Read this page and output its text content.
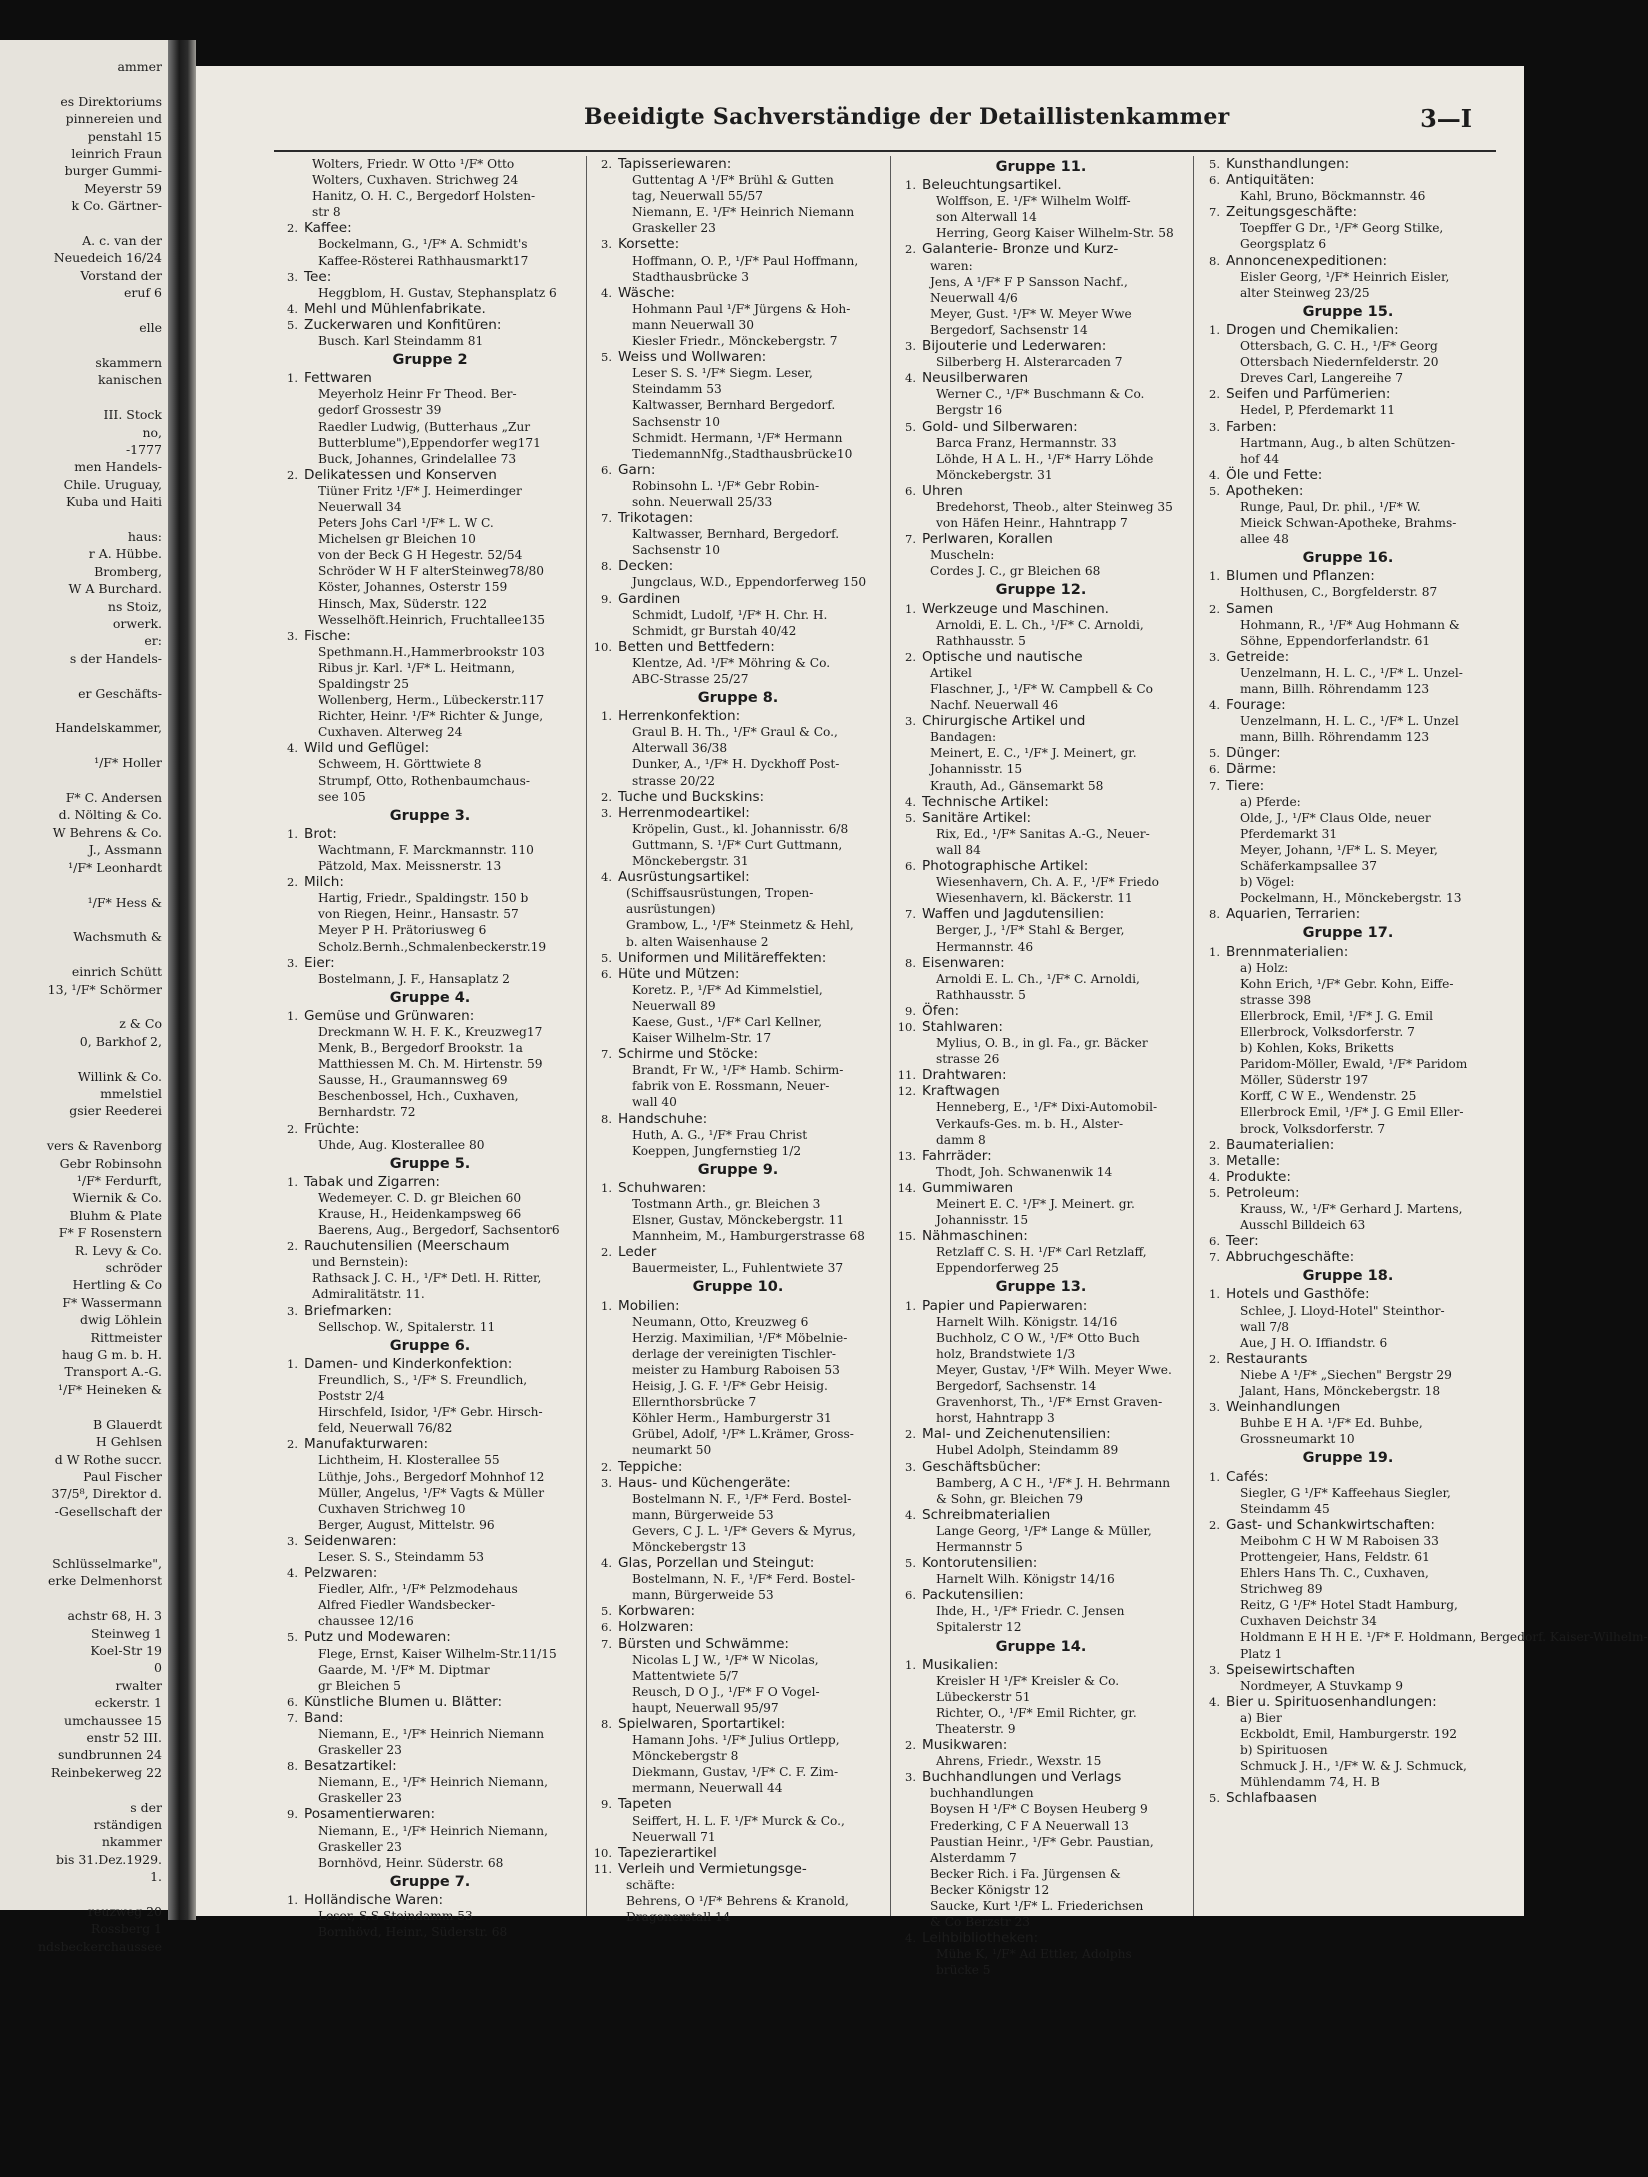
ammer

es Direktoriums
pinnereien und
penstahl 15
leinrich Fraun
burger Gummi-
Meyerstr 59
k Co. Gärtner-

A. c. van der
Neuedeich 16/24
Vorstand der
eruf 6

elle

skammern
kanischen

III. Stock
no,
-1777
men Handels-
Chile. Uruguay,
Kuba und Haiti

haus:
r A. Hübbe.
Bromberg,
W A Burchard.
ns Stoiz,
orwerk.
er:
s der Handels-

er Geschäfts-

Handelskammer,

¹/F* Holler

F* C. Andersen
d. Nölting & Co.
W Behrens & Co.
J., Assmann
¹/F* Leonhardt

¹/F* Hess &

Wachsmuth &

einrich Schütt
13, ¹/F* Schörmer

z & Co
0, Barkhof 2,

Willink & Co.
mmelstiel
gsier Reederei

vers & Ravenborg
Gebr Robinsohn
¹/F* Ferdurft,
Wiernik & Co.
Bluhm & Plate
F* F Rosenstern
R. Levy & Co.
schröder
Hertling & Co
F* Wassermann
dwig Löhlein
Rittmeister
haug G m. b. H.
Transport A.-G.
¹/F* Heineken &

B Glauerdt
H Gehlsen
d W Rothe succr.
Paul Fischer
37/5⁸, Direktor d.
-Gesellschaft der

Schlüsselmarke",
erke Delmenhorst

achstr 68, H. 3
Steinweg 1
Koel-Str 19
0
rwalter
eckerstr. 1
umchaussee 15
enstr 52 III.
sundbrunnen 24
Reinbekerweg 22

s der
rständigen
nkammer
bis 31.Dez.1929.
1.

reuzweg 20
Rossberg 1
ndsbeckerchaussee
Beeidigte Sachverständige der Detaillistenkammer	3—I
Wolters, Friedr. W Otto ¹/F* Otto
Wolters, Cuxhaven. Strichweg 24
Hanitz, O. H. C., Bergedorf Holsten-
str 8
2. Kaffee:
Bockelmann, G., ¹/F* A. Schmidt's
Kaffee-Rösterei Rathhausmarkt17
3. Tee:
Heggblom, H. Gustav, Stephansplatz 6
4. Mehl und Mühlenfabrikate.
5. Zuckerwaren und Konfitüren:
Busch. Karl Steindamm 81
Gruppe 2
1. Fettwaren
Meyerholz Heinr Fr Theod. Ber-
gedorf Grossestr 39
Raedler Ludwig, (Butterhaus „Zur
Butterblume"),Eppendorfer weg171
Buck, Johannes, Grindelallee 73
2. Delikatessen und Konserven
Tiüner Fritz ¹/F* J. Heimerdinger
Neuerwall 34
Peters Johs Carl ¹/F* L. W C.
Michelsen gr Bleichen 10
von der Beck G H Hegestr. 52/54
Schröder W H F alterSteinweg78/80
Köster, Johannes, Osterstr 159
Hinsch, Max, Süderstr. 122
Wesselhöft.Heinrich, Fruchtallee135
3. Fische:
Spethmann.H.,Hammerbrookstr 103
Ribus jr. Karl. ¹/F* L. Heitmann,
Spaldingstr 25
Wollenberg, Herm., Lübeckerstr.117
Richter, Heinr. ¹/F* Richter & Junge,
Cuxhaven. Alterweg 24
4. Wild und Geflügel:
Schweem, H. Görttwiete 8
Strumpf, Otto, Rothenbaumchaus-
see 105
Gruppe 3.
1. Brot:
Wachtmann, F. Marckmannstr. 110
Pätzold, Max. Meissnerstr. 13
2. Milch:
Hartig, Friedr., Spaldingstr. 150 b
von Riegen, Heinr., Hansastr. 57
Meyer P H. Prätoriusweg 6
Scholz.Bernh.,Schmalenbeckerstr.19
3. Eier:
Bostelmann, J. F., Hansaplatz 2
Gruppe 4.
1. Gemüse und Grünwaren:
Dreckmann W. H. F. K., Kreuzweg17
Menk, B., Bergedorf Brookstr. 1a
Matthiessen M. Ch. M. Hirtenstr. 59
Sausse, H., Graumannsweg 69
Beschenbossel, Hch., Cuxhaven,
Bernhardstr. 72
2. Früchte:
Uhde, Aug. Klosterallee 80
Gruppe 5.
1. Tabak und Zigarren:
Wedemeyer. C. D. gr Bleichen 60
Krause, H., Heidenkampsweg 66
Baerens, Aug., Bergedorf, Sachsentor6
2. Rauchutensilien (Meerschaum
und Bernstein):
Rathsack J. C. H., ¹/F* Detl. H. Ritter,
Admiralitätstr. 11.
3. Briefmarken:
Sellschop. W., Spitalerstr. 11
Gruppe 6.
1. Damen- und Kinderkonfektion:
Freundlich, S., ¹/F* S. Freundlich,
Poststr 2/4
Hirschfeld, Isidor, ¹/F* Gebr. Hirsch-
feld, Neuerwall 76/82
2. Manufakturwaren:
Lichtheim, H. Klosterallee 55
Lüthje, Johs., Bergedorf Mohnhof 12
Müller, Angelus, ¹/F* Vagts & Müller
Cuxhaven Strichweg 10
Berger, August, Mittelstr. 96
3. Seidenwaren:
Leser. S. S., Steindamm 53
4. Pelzwaren:
Fiedler, Alfr., ¹/F* Pelzmodehaus
Alfred Fiedler Wandsbecker-
chaussee 12/16
5. Putz und Modewaren:
Flege, Ernst, Kaiser Wilhelm-Str.11/15
Gaarde, M. ¹/F* M. Diptmar
gr Bleichen 5
6. Künstliche Blumen u. Blätter:
7. Band:
Niemann, E., ¹/F* Heinrich Niemann
Graskeller 23
8. Besatzartikel:
Niemann, E., ¹/F* Heinrich Niemann,
Graskeller 23
9. Posamentierwaren:
Niemann, E., ¹/F* Heinrich Niemann,
Graskeller 23
Bornhövd, Heinr. Süderstr. 68
Gruppe 7.
1. Holländische Waren:
Leser, S.S Steindamm 53
Bornhövd, Heinr., Süderstr. 68
2. Tapisseriewaren:
Guttentag A ¹/F* Brühl & Gutten
tag, Neuerwall 55/57
Niemann, E. ¹/F* Heinrich Niemann
Graskeller 23
3. Korsette:
Hoffmann, O. P., ¹/F* Paul Hoffmann,
Stadthausbrücke 3
4. Wäsche:
Hohmann Paul ¹/F* Jürgens & Hoh-
mann Neuerwall 30
Kiesler Friedr., Mönckebergstr. 7
5. Weiss und Wollwaren:
Leser S. S. ¹/F* Siegm. Leser,
Steindamm 53
Kaltwasser, Bernhard Bergedorf.
Sachsenstr 10
Schmidt. Hermann, ¹/F* Hermann
TiedemannNfg.,Stadthausbrücke10
6. Garn:
Robinsohn L. ¹/F* Gebr Robin-
sohn. Neuerwall 25/33
7. Trikotagen:
Kaltwasser, Bernhard, Bergedorf.
Sachsenstr 10
8. Decken:
Jungclaus, W.D., Eppendorferweg 150
9. Gardinen
Schmidt, Ludolf, ¹/F* H. Chr. H.
Schmidt, gr Burstah 40/42
10. Betten und Bettfedern:
Klentze, Ad. ¹/F* Möhring & Co.
ABC-Strasse 25/27
Gruppe 8.
1. Herrenkonfektion:
Graul B. H. Th., ¹/F* Graul & Co.,
Alterwall 36/38
Dunker, A., ¹/F* H. Dyckhoff Post-
strasse 20/22
2. Tuche und Buckskins:
3. Herrenmodeartikel:
Kröpelin, Gust., kl. Johannisstr. 6/8
Guttmann, S. ¹/F* Curt Guttmann,
Mönckebergstr. 31
4. Ausrüstungsartikel:
(Schiffsausrüstungen, Tropen-
ausrüstungen)
Grambow, L., ¹/F* Steinmetz & Hehl,
b. alten Waisenhause 2
5. Uniformen und Militäreffekten:
6. Hüte und Mützen:
Koretz. P., ¹/F* Ad Kimmelstiel,
Neuerwall 89
Kaese, Gust., ¹/F* Carl Kellner,
Kaiser Wilhelm-Str. 17
7. Schirme und Stöcke:
Brandt, Fr W., ¹/F* Hamb. Schirm-
fabrik von E. Rossmann, Neuer-
wall 40
8. Handschuhe:
Huth, A. G., ¹/F* Frau Christ
Koeppen, Jungfernstieg 1/2
Gruppe 9.
1. Schuhwaren:
Tostmann Arth., gr. Bleichen 3
Elsner, Gustav, Mönckebergstr. 11
Mannheim, M., Hamburgerstrasse 68
2. Leder
Bauermeister, L., Fuhlentwiete 37
Gruppe 10.
1. Mobilien:
Neumann, Otto, Kreuzweg 6
Herzig. Maximilian, ¹/F* Möbelnie-
derlage der vereinigten Tischler-
meister zu Hamburg Raboisen 53
Heisig, J. G. F. ¹/F* Gebr Heisig.
Ellernthorsbrücke 7
Köhler Herm., Hamburgerstr 31
Grübel, Adolf, ¹/F* L.Krämer, Gross-
neumarkt 50
2. Teppiche:
3. Haus- und Küchengeräte:
Bostelmann N. F., ¹/F* Ferd. Bostel-
mann, Bürgerweide 53
Gevers, C J. L. ¹/F* Gevers & Myrus,
Mönckebergstr 13
4. Glas, Porzellan und Steingut:
Bostelmann, N. F., ¹/F* Ferd. Bostel-
mann, Bürgerweide 53
5. Korbwaren:
6. Holzwaren:
7. Bürsten und Schwämme:
Nicolas L J W., ¹/F* W Nicolas,
Mattentwiete 5/7
Reusch, D O J., ¹/F* F O Vogel-
haupt, Neuerwall 95/97
8. Spielwaren, Sportartikel:
Hamann Johs. ¹/F* Julius Ortlepp,
Mönckebergstr 8
Diekmann, Gustav, ¹/F* C. F. Zim-
mermann, Neuerwall 44
9. Tapeten
Seiffert, H. L. F. ¹/F* Murck & Co.,
Neuerwall 71
10. Tapezierartikel
11. Verleih und Vermietungsge-
schäfte:
Behrens, O ¹/F* Behrens & Kranold,
Dragonerstall 14
Gruppe 11.
1. Beleuchtungsartikel.
Wolffson, E. ¹/F* Wilhelm Wolff-
son Alterwall 14
Herring, Georg Kaiser Wilhelm-Str. 58
2. Galanterie- Bronze und Kurz-
waren:
Jens, A ¹/F* F P Sansson Nachf.,
Neuerwall 4/6
Meyer, Gust. ¹/F* W. Meyer Wwe
Bergedorf, Sachsenstr 14
3. Bijouterie und Lederwaren:
Silberberg H. Alsterarcaden 7
4. Neusilberwaren
Werner C., ¹/F* Buschmann & Co.
Bergstr 16
5. Gold- und Silberwaren:
Barca Franz, Hermannstr. 33
Löhde, H A L. H., ¹/F* Harry Löhde
Mönckebergstr. 31
6. Uhren
Bredehorst, Theob., alter Steinweg 35
von Häfen Heinr., Hahntrapp 7
7. Perlwaren, Korallen
Muscheln:
Cordes J. C., gr Bleichen 68
Gruppe 12.
1. Werkzeuge und Maschinen.
Arnoldi, E. L. Ch., ¹/F* C. Arnoldi,
Rathhausstr. 5
2. Optische und nautische
Artikel
Flaschner, J., ¹/F* W. Campbell & Co
Nachf. Neuerwall 46
3. Chirurgische Artikel und
Bandagen:
Meinert, E. C., ¹/F* J. Meinert, gr.
Johannisstr. 15
Krauth, Ad., Gänsemarkt 58
4. Technische Artikel:
5. Sanitäre Artikel:
Rix, Ed., ¹/F* Sanitas A.-G., Neuer-
wall 84
6. Photographische Artikel:
Wiesenhavern, Ch. A. F., ¹/F* Friedo
Wiesenhavern, kl. Bäckerstr. 11
7. Waffen und Jagdutensilien:
Berger, J., ¹/F* Stahl & Berger,
Hermannstr. 46
8. Eisenwaren:
Arnoldi E. L. Ch., ¹/F* C. Arnoldi,
Rathhausstr. 5
9. Öfen:
10. Stahlwaren:
Mylius, O. B., in gl. Fa., gr. Bäcker
strasse 26
11. Drahtwaren:
12. Kraftwagen
Henneberg, E., ¹/F* Dixi-Automobil-
Verkaufs-Ges. m. b. H., Alster-
damm 8
13. Fahrräder:
Thodt, Joh. Schwanenwik 14
14. Gummiwaren
Meinert E. C. ¹/F* J. Meinert. gr.
Johannisstr. 15
15. Nähmaschinen:
Retzlaff C. S. H. ¹/F* Carl Retzlaff,
Eppendorferweg 25
Gruppe 13.
1. Papier und Papierwaren:
Harnelt Wilh. Königstr. 14/16
Buchholz, C O W., ¹/F* Otto Buch
holz, Brandstwiete 1/3
Meyer, Gustav, ¹/F* Wilh. Meyer Wwe.
Bergedorf, Sachsenstr. 14
Gravenhorst, Th., ¹/F* Ernst Graven-
horst, Hahntrapp 3
2. Mal- und Zeichenutensilien:
Hubel Adolph, Steindamm 89
3. Geschäftsbücher:
Bamberg, A C H., ¹/F* J. H. Behrmann
& Sohn, gr. Bleichen 79
4. Schreibmaterialien
Lange Georg, ¹/F* Lange & Müller,
Hermannstr 5
5. Kontorutensilien:
Harnelt Wilh. Königstr 14/16
6. Packutensilien:
Ihde, H., ¹/F* Friedr. C. Jensen
Spitalerstr 12
Gruppe 14.
1. Musikalien:
Kreisler H ¹/F* Kreisler & Co.
Lübeckerstr 51
Richter, O., ¹/F* Emil Richter, gr.
Theaterstr. 9
2. Musikwaren:
Ahrens, Friedr., Wexstr. 15
3. Buchhandlungen und Verlags
buchhandlungen
Boysen H ¹/F* C Boysen Heuberg 9
Frederking, C F A Neuerwall 13
Paustian Heinr., ¹/F* Gebr. Paustian,
Alsterdamm 7
Becker Rich. i Fa. Jürgensen &
Becker Königstr 12
Saucke, Kurt ¹/F* L. Friederichsen
& Co Berzstr 23
4. Leihbibliotheken:
Mühe K, ¹/F* Ad Ettler, Adolphs
brücke 5
5. Kunsthandlungen:
6. Antiquitäten:
Kahl, Bruno, Böckmannstr. 46
7. Zeitungsgeschäfte:
Toepffer G Dr., ¹/F* Georg Stilke,
Georgsplatz 6
8. Annoncenexpeditionen:
Eisler Georg, ¹/F* Heinrich Eisler,
alter Steinweg 23/25
Gruppe 15.
1. Drogen und Chemikalien:
Ottersbach, G. C. H., ¹/F* Georg
Ottersbach Niedernfelderstr. 20
Dreves Carl, Langereihe 7
2. Seifen und Parfümerien:
Hedel, P, Pferdemarkt 11
3. Farben:
Hartmann, Aug., b alten Schützen-
hof 44
4. Öle und Fette:
5. Apotheken:
Runge, Paul, Dr. phil., ¹/F* W.
Mieick Schwan-Apotheke, Brahms-
allee 48
Gruppe 16.
1. Blumen und Pflanzen:
Holthusen, C., Borgfelderstr. 87
2. Samen
Hohmann, R., ¹/F* Aug Hohmann &
Söhne, Eppendorferlandstr. 61
3. Getreide:
Uenzelmann, H. L. C., ¹/F* L. Unzel-
mann, Billh. Röhrendamm 123
4. Fourage:
Uenzelmann, H. L. C., ¹/F* L. Unzel
mann, Billh. Röhrendamm 123
5. Dünger:
6. Därme:
7. Tiere:
a) Pferde:
Olde, J., ¹/F* Claus Olde, neuer
Pferdemarkt 31
Meyer, Johann, ¹/F* L. S. Meyer,
Schäferkampsallee 37
b) Vögel:
Pockelmann, H., Mönckebergstr. 13
8. Aquarien, Terrarien:
Gruppe 17.
1. Brennmaterialien:
a) Holz:
Kohn Erich, ¹/F* Gebr. Kohn, Eiffe-
strasse 398
Ellerbrock, Emil, ¹/F* J. G. Emil
Ellerbrock, Volksdorferstr. 7
b) Kohlen, Koks, Briketts
Paridom-Möller, Ewald, ¹/F* Paridom
Möller, Süderstr 197
Korff, C W E., Wendenstr. 25
Ellerbrock Emil, ¹/F* J. G Emil Eller-
brock, Volksdorferstr. 7
2. Baumaterialien:
3. Metalle:
4. Produkte:
5. Petroleum:
Krauss, W., ¹/F* Gerhard J. Martens,
Ausschl Billdeich 63
6. Teer:
7. Abbruchgeschäfte:
Gruppe 18.
1. Hotels und Gasthöfe:
Schlee, J. Lloyd-Hotel" Steinthor-
wall 7/8
Aue, J H. O. Iffiandstr. 6
2. Restaurants
Niebe A ¹/F* „Siechen" Bergstr 29
Jalant, Hans, Mönckebergstr. 18
3. Weinhandlungen
Buhbe E H A. ¹/F* Ed. Buhbe,
Grossneumarkt 10
Gruppe 19.
1. Cafés:
Siegler, G ¹/F* Kaffeehaus Siegler,
Steindamm 45
2. Gast- und Schankwirtschaften:
Meibohm C H W M Raboisen 33
Prottengeier, Hans, Feldstr. 61
Ehlers Hans Th. C., Cuxhaven,
Strichweg 89
Reitz, G ¹/F* Hotel Stadt Hamburg,
Cuxhaven Deichstr 34
Holdmann E H H E. ¹/F* F. Holdmann, Bergedorf. Kaiser-Wilhelm-
Platz 1
3. Speisewirtschaften
Nordmeyer, A Stuvkamp 9
4. Bier u. Spirituosenhandlungen:
a) Bier
Eckboldt, Emil, Hamburgerstr. 192
b) Spirituosen
Schmuck J. H., ¹/F* W. & J. Schmuck,
Mühlendamm 74, H. B
5. Schlafbaasen
